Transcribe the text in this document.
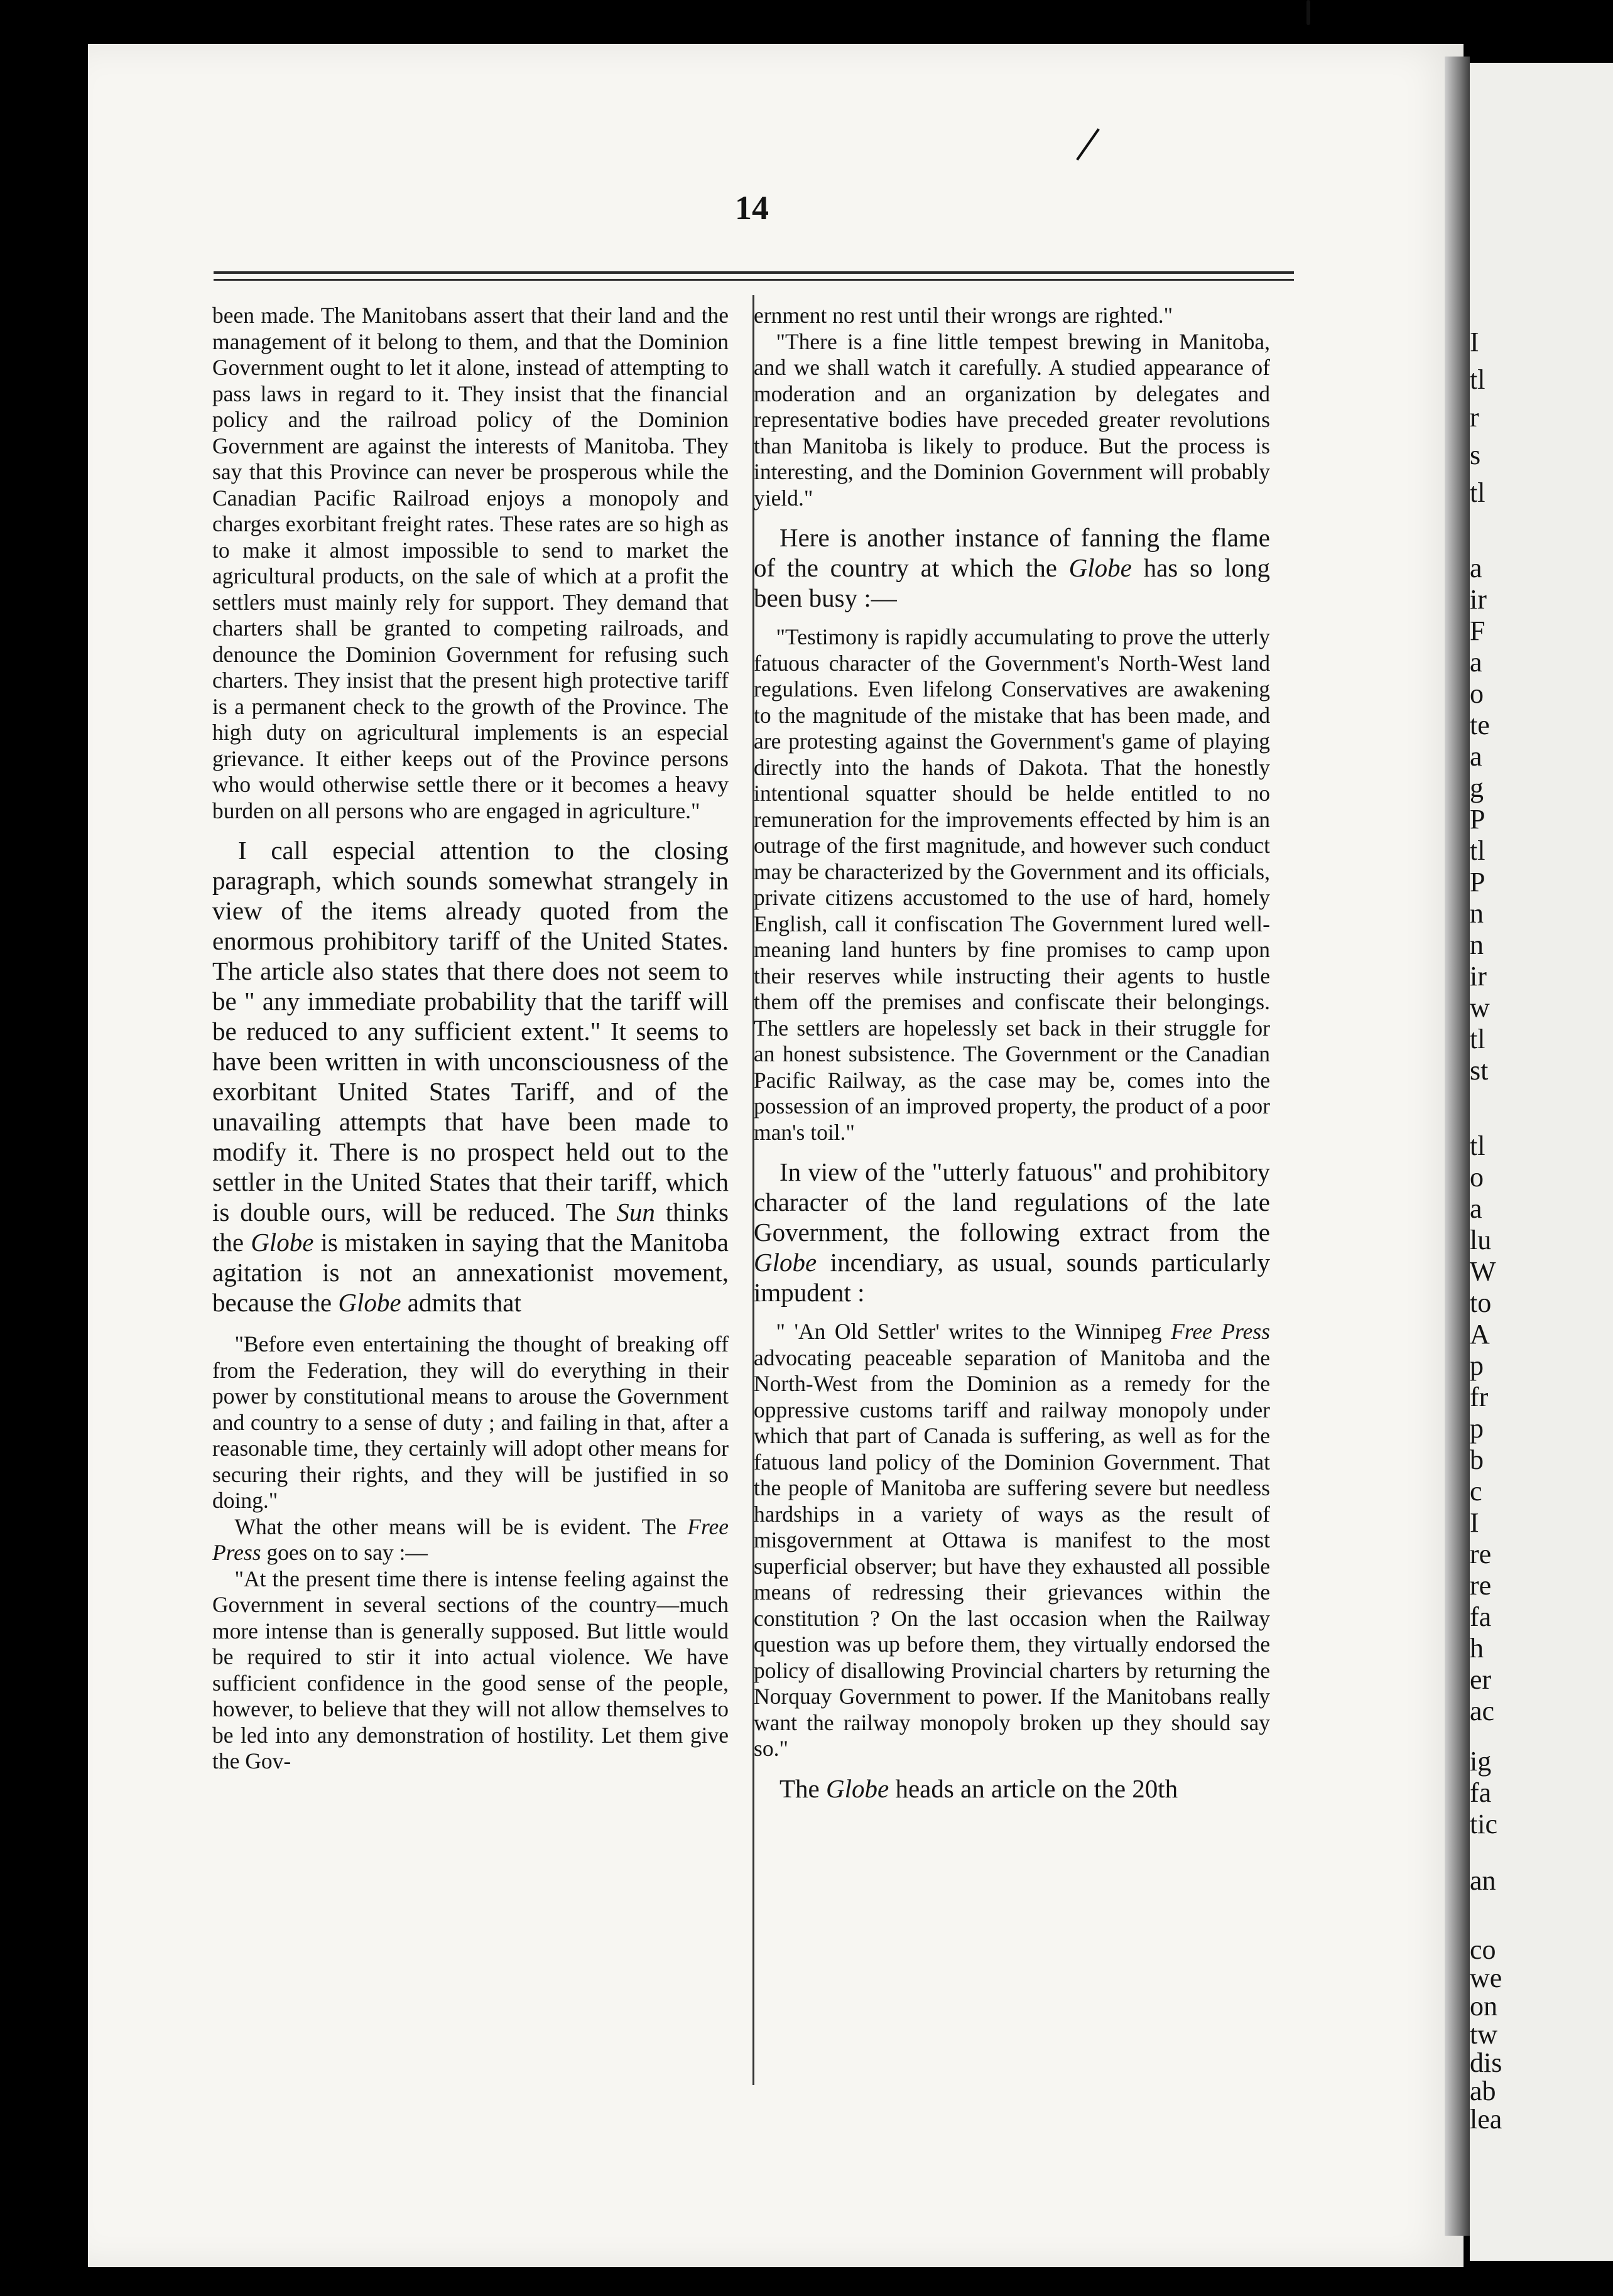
I
tl
r
s
tl
a
ir
F
a
o
te
a
g
P
tl
P
n
n
ir
w
tl
st
tl
o
a
lu
W
to
A
p
fr
p
b
c
I
re
re
fa
h
er
ac
ig
fa
tic
an
co
we
on
tw
dis
ab
lea
14

been made. The Manitobans assert that their land and the management of it belong to them, and that the Dominion Government ought to let it alone, instead of attempting to pass laws in regard to it. They insist that the financial policy and the railroad policy of the Dominion Government are against the interests of Manitoba. They say that this Province can never be prosperous while the Canadian Pacific Railroad enjoys a monopoly and charges exorbitant freight rates. These rates are so high as to make it almost impossible to send to market the agricultural products, on the sale of which at a profit the settlers must mainly rely for support. They demand that charters shall be granted to competing railroads, and denounce the Dominion Government for refusing such charters. They insist that the present high protective tariff is a permanent check to the growth of the Province. The high duty on agricultural implements is an especial grievance. It either keeps out of the Province persons who would otherwise settle there or it becomes a heavy burden on all persons who are engaged in agriculture."

I call especial attention to the closing paragraph, which sounds somewhat strangely in view of the items already quoted from the enormous prohibitory tariff of the United States. The article also states that there does not seem to be " any immediate probability that the tariff will be reduced to any sufficient extent." It seems to have been written in with unconsciousness of the exorbitant United States Tariff, and of the unavailing attempts that have been made to modify it. There is no prospect held out to the settler in the United States that their tariff, which is double ours, will be reduced. The Sun thinks the Globe is mistaken in saying that the Manitoba agitation is not an annexationist movement, because the Globe admits that

"Before even entertaining the thought of breaking off from the Federation, they will do everything in their power by constitutional means to arouse the Government and country to a sense of duty ; and failing in that, after a reasonable time, they certainly will adopt other means for securing their rights, and they will be justified in so doing."

What the other means will be is evident. The Free Press goes on to say :—

"At the present time there is intense feeling against the Government in several sections of the country—much more intense than is generally supposed. But little would be required to stir it into actual violence. We have sufficient confidence in the good sense of the people, however, to believe that they will not allow themselves to be led into any demonstration of hostility. Let them give the Gov-

ernment no rest until their wrongs are righted."

"There is a fine little tempest brewing in Manitoba, and we shall watch it carefully. A studied appearance of moderation and an organization by delegates and representative bodies have preceded greater revolutions than Manitoba is likely to produce. But the process is interesting, and the Dominion Government will probably yield."

Here is another instance of fanning the flame of the country at which the Globe has so long been busy :—

"Testimony is rapidly accumulating to prove the utterly fatuous character of the Government's North-West land regulations. Even lifelong Conservatives are awakening to the magnitude of the mistake that has been made, and are protesting against the Government's game of playing directly into the hands of Dakota. That the honestly intentional squatter should be helde entitled to no remuneration for the improvements effected by him is an outrage of the first magnitude, and however such conduct may be characterized by the Government and its officials, private citizens accustomed to the use of hard, homely English, call it confiscation The Government lured well-meaning land hunters by fine promises to camp upon their reserves while instructing their agents to hustle them off the premises and confiscate their belongings. The settlers are hopelessly set back in their struggle for an honest subsistence. The Government or the Canadian Pacific Railway, as the case may be, comes into the possession of an improved property, the product of a poor man's toil."

In view of the "utterly fatuous" and prohibitory character of the land regulations of the late Government, the following extract from the Globe incendiary, as usual, sounds particularly impudent :

" 'An Old Settler' writes to the Winnipeg Free Press advocating peaceable separation of Manitoba and the North-West from the Dominion as a remedy for the oppressive customs tariff and railway monopoly under which that part of Canada is suffering, as well as for the fatuous land policy of the Dominion Government. That the people of Manitoba are suffering severe but needless hardships in a variety of ways as the result of misgovernment at Ottawa is manifest to the most superficial observer; but have they exhausted all possible means of redressing their grievances within the constitution ? On the last occasion when the Railway question was up before them, they virtually endorsed the policy of disallowing Provincial charters by returning the Norquay Government to power. If the Manitobans really want the railway monopoly broken up they should say so."

The Globe heads an article on the 20th
